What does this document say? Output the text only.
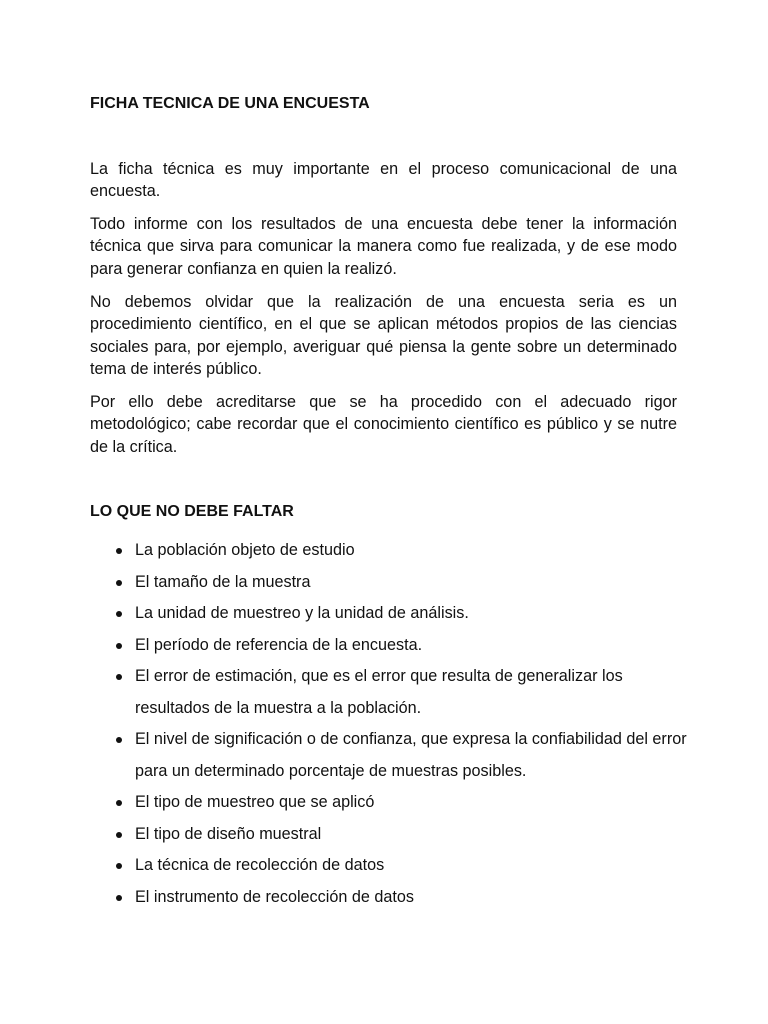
FICHA TECNICA DE UNA ENCUESTA

La ficha técnica es muy importante en el proceso comunicacional de una encuesta.

Todo informe con los resultados de una encuesta debe tener la información técnica que sirva para comunicar la manera como fue realizada, y de ese modo para generar confianza en quien la realizó.

No debemos olvidar que la realización de una encuesta seria es un procedimiento científico, en el que se aplican métodos propios de las ciencias sociales para, por ejemplo, averiguar qué piensa la gente sobre un determinado tema de interés público.

Por ello debe acreditarse que se ha procedido con el adecuado rigor metodológico; cabe recordar que el conocimiento científico es público y se nutre de la crítica.

LO QUE NO DEBE FALTAR
La población objeto de estudio
El tamaño de la muestra
La unidad de muestreo y la unidad de análisis.
El período de referencia de la encuesta.
El error de estimación, que es el error que resulta de generalizar los resultados de la muestra a la población.
El nivel de significación o de confianza, que expresa la confiabilidad del error para un determinado porcentaje de muestras posibles.
El tipo de muestreo que se aplicó
El tipo de diseño muestral
La técnica de recolección de datos
El instrumento de recolección de datos
